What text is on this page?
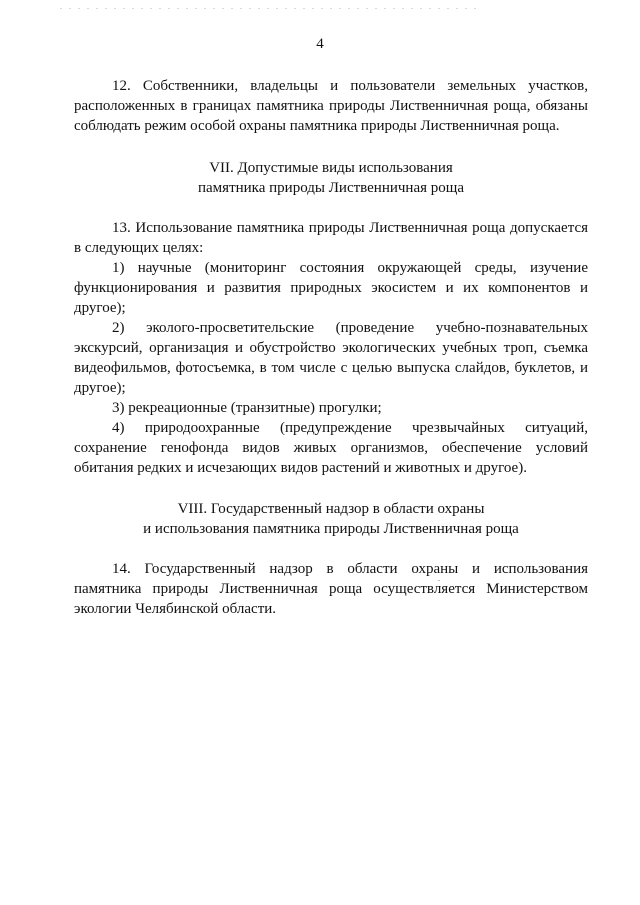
4

12. Собственники, владельцы и пользователи земельных участков, расположенных в границах памятника природы Лиственничная роща, обязаны соблюдать режим особой охраны памятника природы Лиственничная роща.

VII. Допустимые виды использования
памятника природы Лиственничная роща

13. Использование памятника природы Лиственничная роща допускается в следующих целях:

1) научные (мониторинг состояния окружающей среды, изучение функционирования и развития природных экосистем и их компонентов и другое);

2) эколого-просветительские (проведение учебно-познавательных экскурсий, организация и обустройство экологических учебных троп, съемка видеофильмов, фотосъемка, в том числе с целью выпуска слайдов, буклетов, и другое);

3) рекреационные (транзитные) прогулки;

4) природоохранные (предупреждение чрезвычайных ситуаций, сохранение генофонда видов живых организмов, обеспечение условий обитания редких и исчезающих видов растений и животных и другое).

VIII. Государственный надзор в области охраны
и использования памятника природы Лиственничная роща

14. Государственный надзор в области охраны и использования памятника природы Лиственничная роща осуществляется Министерством экологии Челябинской области.
